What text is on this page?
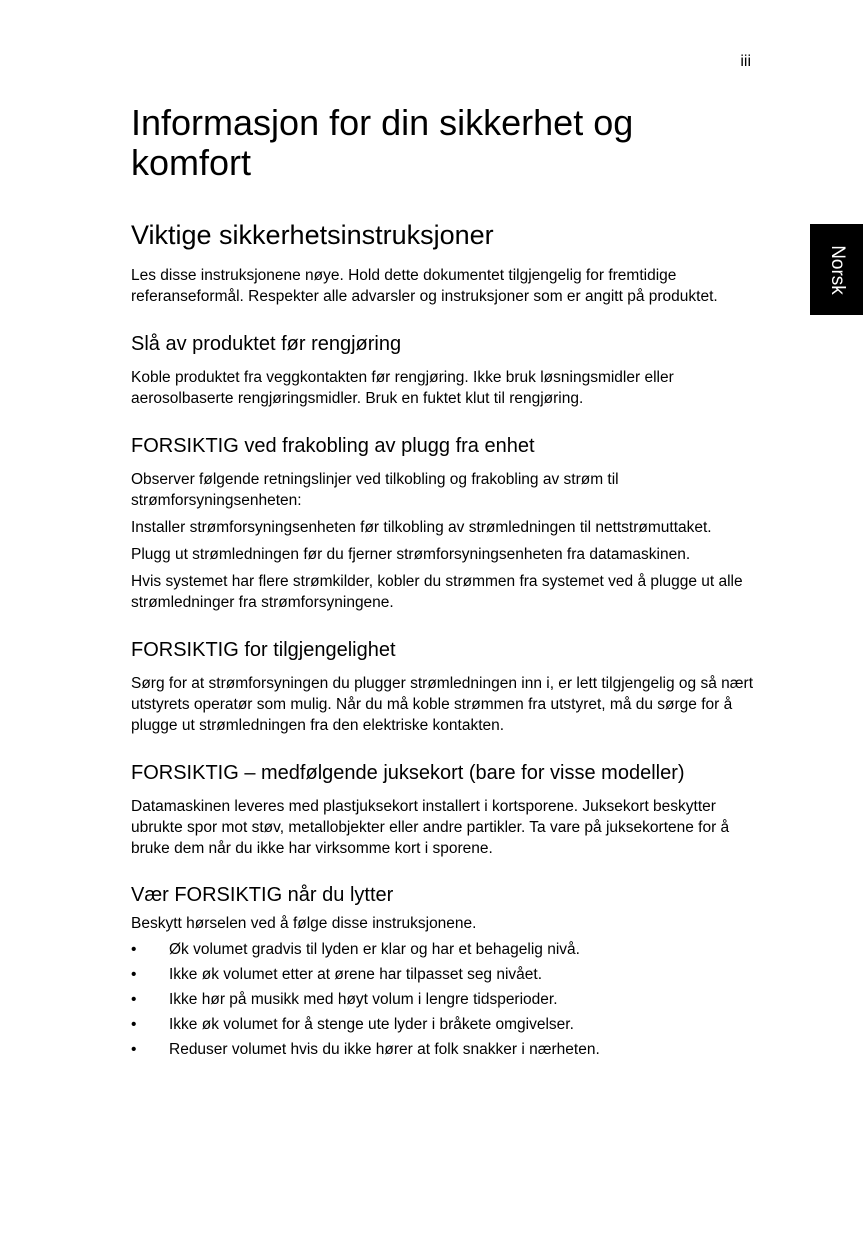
iii
Norsk
Informasjon for din sikkerhet og komfort
Viktige sikkerhetsinstruksjoner

Les disse instruksjonene nøye. Hold dette dokumentet tilgjengelig for fremtidige referanseformål. Respekter alle advarsler og instruksjoner som er angitt på produktet.

Slå av produktet før rengjøring

Koble produktet fra veggkontakten før rengjøring. Ikke bruk løsningsmidler eller aerosolbaserte rengjøringsmidler. Bruk en fuktet klut til rengjøring.

FORSIKTIG ved frakobling av plugg fra enhet

Observer følgende retningslinjer ved tilkobling og frakobling av strøm til strømforsyningsenheten:

Installer strømforsyningsenheten før tilkobling av strømledningen til nettstrømuttaket.

Plugg ut strømledningen før du fjerner strømforsyningsenheten fra datamaskinen.

Hvis systemet har flere strømkilder, kobler du strømmen fra systemet ved å plugge ut alle strømledninger fra strømforsyningene.

FORSIKTIG for tilgjengelighet

Sørg for at strømforsyningen du plugger strømledningen inn i, er lett tilgjengelig og så nært utstyrets operatør som mulig. Når du må koble strømmen fra utstyret, må du sørge for å plugge ut strømledningen fra den elektriske kontakten.

FORSIKTIG – medfølgende juksekort (bare for visse modeller)

Datamaskinen leveres med plastjuksekort installert i kortsporene. Juksekort beskytter ubrukte spor mot støv, metallobjekter eller andre partikler. Ta vare på juksekortene for å bruke dem når du ikke har virksomme kort i sporene.

Vær FORSIKTIG når du lytter

Beskytt hørselen ved å følge disse instruksjonene.

•	Øk volumet gradvis til lyden er klar og har et behagelig nivå.
•	Ikke øk volumet etter at ørene har tilpasset seg nivået.
•	Ikke hør på musikk med høyt volum i lengre tidsperioder.
•	Ikke øk volumet for å stenge ute lyder i bråkete omgivelser.
•	Reduser volumet hvis du ikke hører at folk snakker i nærheten.
